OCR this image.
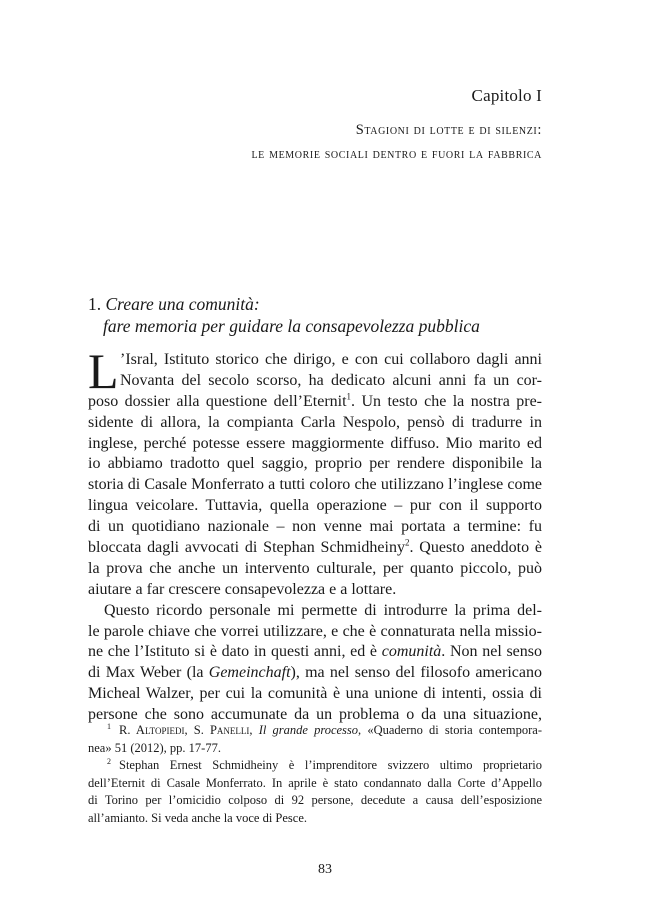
Capitolo I
Stagioni di lotte e di silenzi:
le memorie sociali dentro e fuori la fabbrica
1. Creare una comunità:
fare memoria per guidare la consapevolezza pubblica
L ’Isral, Istituto storico che dirigo, e con cui collaboro dagli anni
Novanta del secolo scorso, ha dedicato alcuni anni fa un cor-
poso dossier alla questione dell’Eternit$^1$. Un testo che la nostra pre-
sidente di allora, la compianta Carla Nespolo, pensò di tradurre in
inglese, perché potesse essere maggiormente diffuso. Mio marito ed
io abbiamo tradotto quel saggio, proprio per rendere disponibile la
storia di Casale Monferrato a tutti coloro che utilizzano l’inglese come
lingua veicolare. Tuttavia, quella operazione – pur con il supporto
di un quotidiano nazionale – non venne mai portata a termine: fu
bloccata dagli avvocati di Stephan Schmidheiny$^2$. Questo aneddoto è
la prova che anche un intervento culturale, per quanto piccolo, può
aiutare a far crescere consapevolezza e a lottare.
Questo ricordo personale mi permette di introdurre la prima del-
le parole chiave che vorrei utilizzare, e che è connaturata nella missio-
ne che l’Istituto si è dato in questi anni, ed è comunità. Non nel senso
di Max Weber (la Gemeinchaft), ma nel senso del filosofo americano
Micheal Walzer, per cui la comunità è una unione di intenti, ossia di
persone che sono accumunate da un problema o da una situazione,
$^1$ R. Altopiedi, S. Panelli, Il grande processo, «Quaderno di storia contempora-
nea» 51 (2012), pp. 17-77.
$^2$ Stephan Ernest Schmidheiny è l’imprenditore svizzero ultimo proprietario
dell’Eternit di Casale Monferrato. In aprile è stato condannato dalla Corte d’Appello
di Torino per l’omicidio colposo di 92 persone, decedute a causa dell’esposizione
all’amianto. Si veda anche la voce di Pesce.
83
